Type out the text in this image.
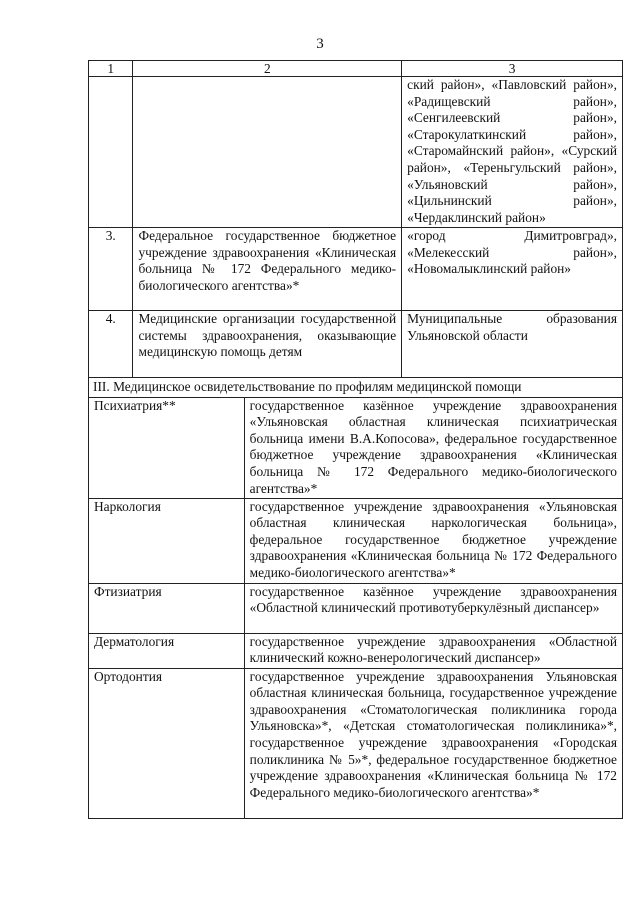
3
1	2		3
			ский район», «Павловский район», «Радищевский район», «Сенгилеевский район», «Старокулаткинский район», «Старомайнский район», «Сурский район», «Тереньгульский район», «Ульяновский район», «Цильнинский район», «Чердаклинский район»
3.	Федеральное государственное бюджетное учреждение здравоохранения «Клиническая больница № 172 Федерального медико-биологического агентства»*		«город Димитровград», «Мелекесский район», «Новомалыклинский район»
4.	Медицинские организации государственной системы здравоохранения, оказывающие медицинскую помощь детям		Муниципальные образования Ульяновской области
III. Медицинское освидетельствование по профилям медицинской помощи			
Психиатрия**		государственное казённое учреждение здравоохранения «Ульяновская областная клиническая психиатрическая больница имени В.А.Копосова», федеральное государственное бюджетное учреждение здравоохранения «Клиническая больница № 172 Федерального медико-биологического агентства»*	
Наркология		государственное учреждение здравоохранения «Ульяновская областная клиническая наркологическая больница», федеральное государственное бюджетное учреждение здравоохранения «Клиническая больница № 172 Федерального медико-биологического агентства»*	
Фтизиатрия		государственное казённое учреждение здравоохранения «Областной клинический противотуберкулёзный диспансер»	
Дерматология		государственное учреждение здравоохранения «Областной клинический кожно-венерологический диспансер»	
Ортодонтия		государственное учреждение здравоохранения Ульяновская областная клиническая больница, государственное учреждение здравоохранения «Стоматологическая поликлиника города Ульяновска»*, «Детская стоматологическая поликлиника»*, государственное учреждение здравоохранения «Городская поликлиника № 5»*, федеральное государственное бюджетное учреждение здравоохранения «Клиническая больница № 172 Федерального медико-биологического агентства»*	
